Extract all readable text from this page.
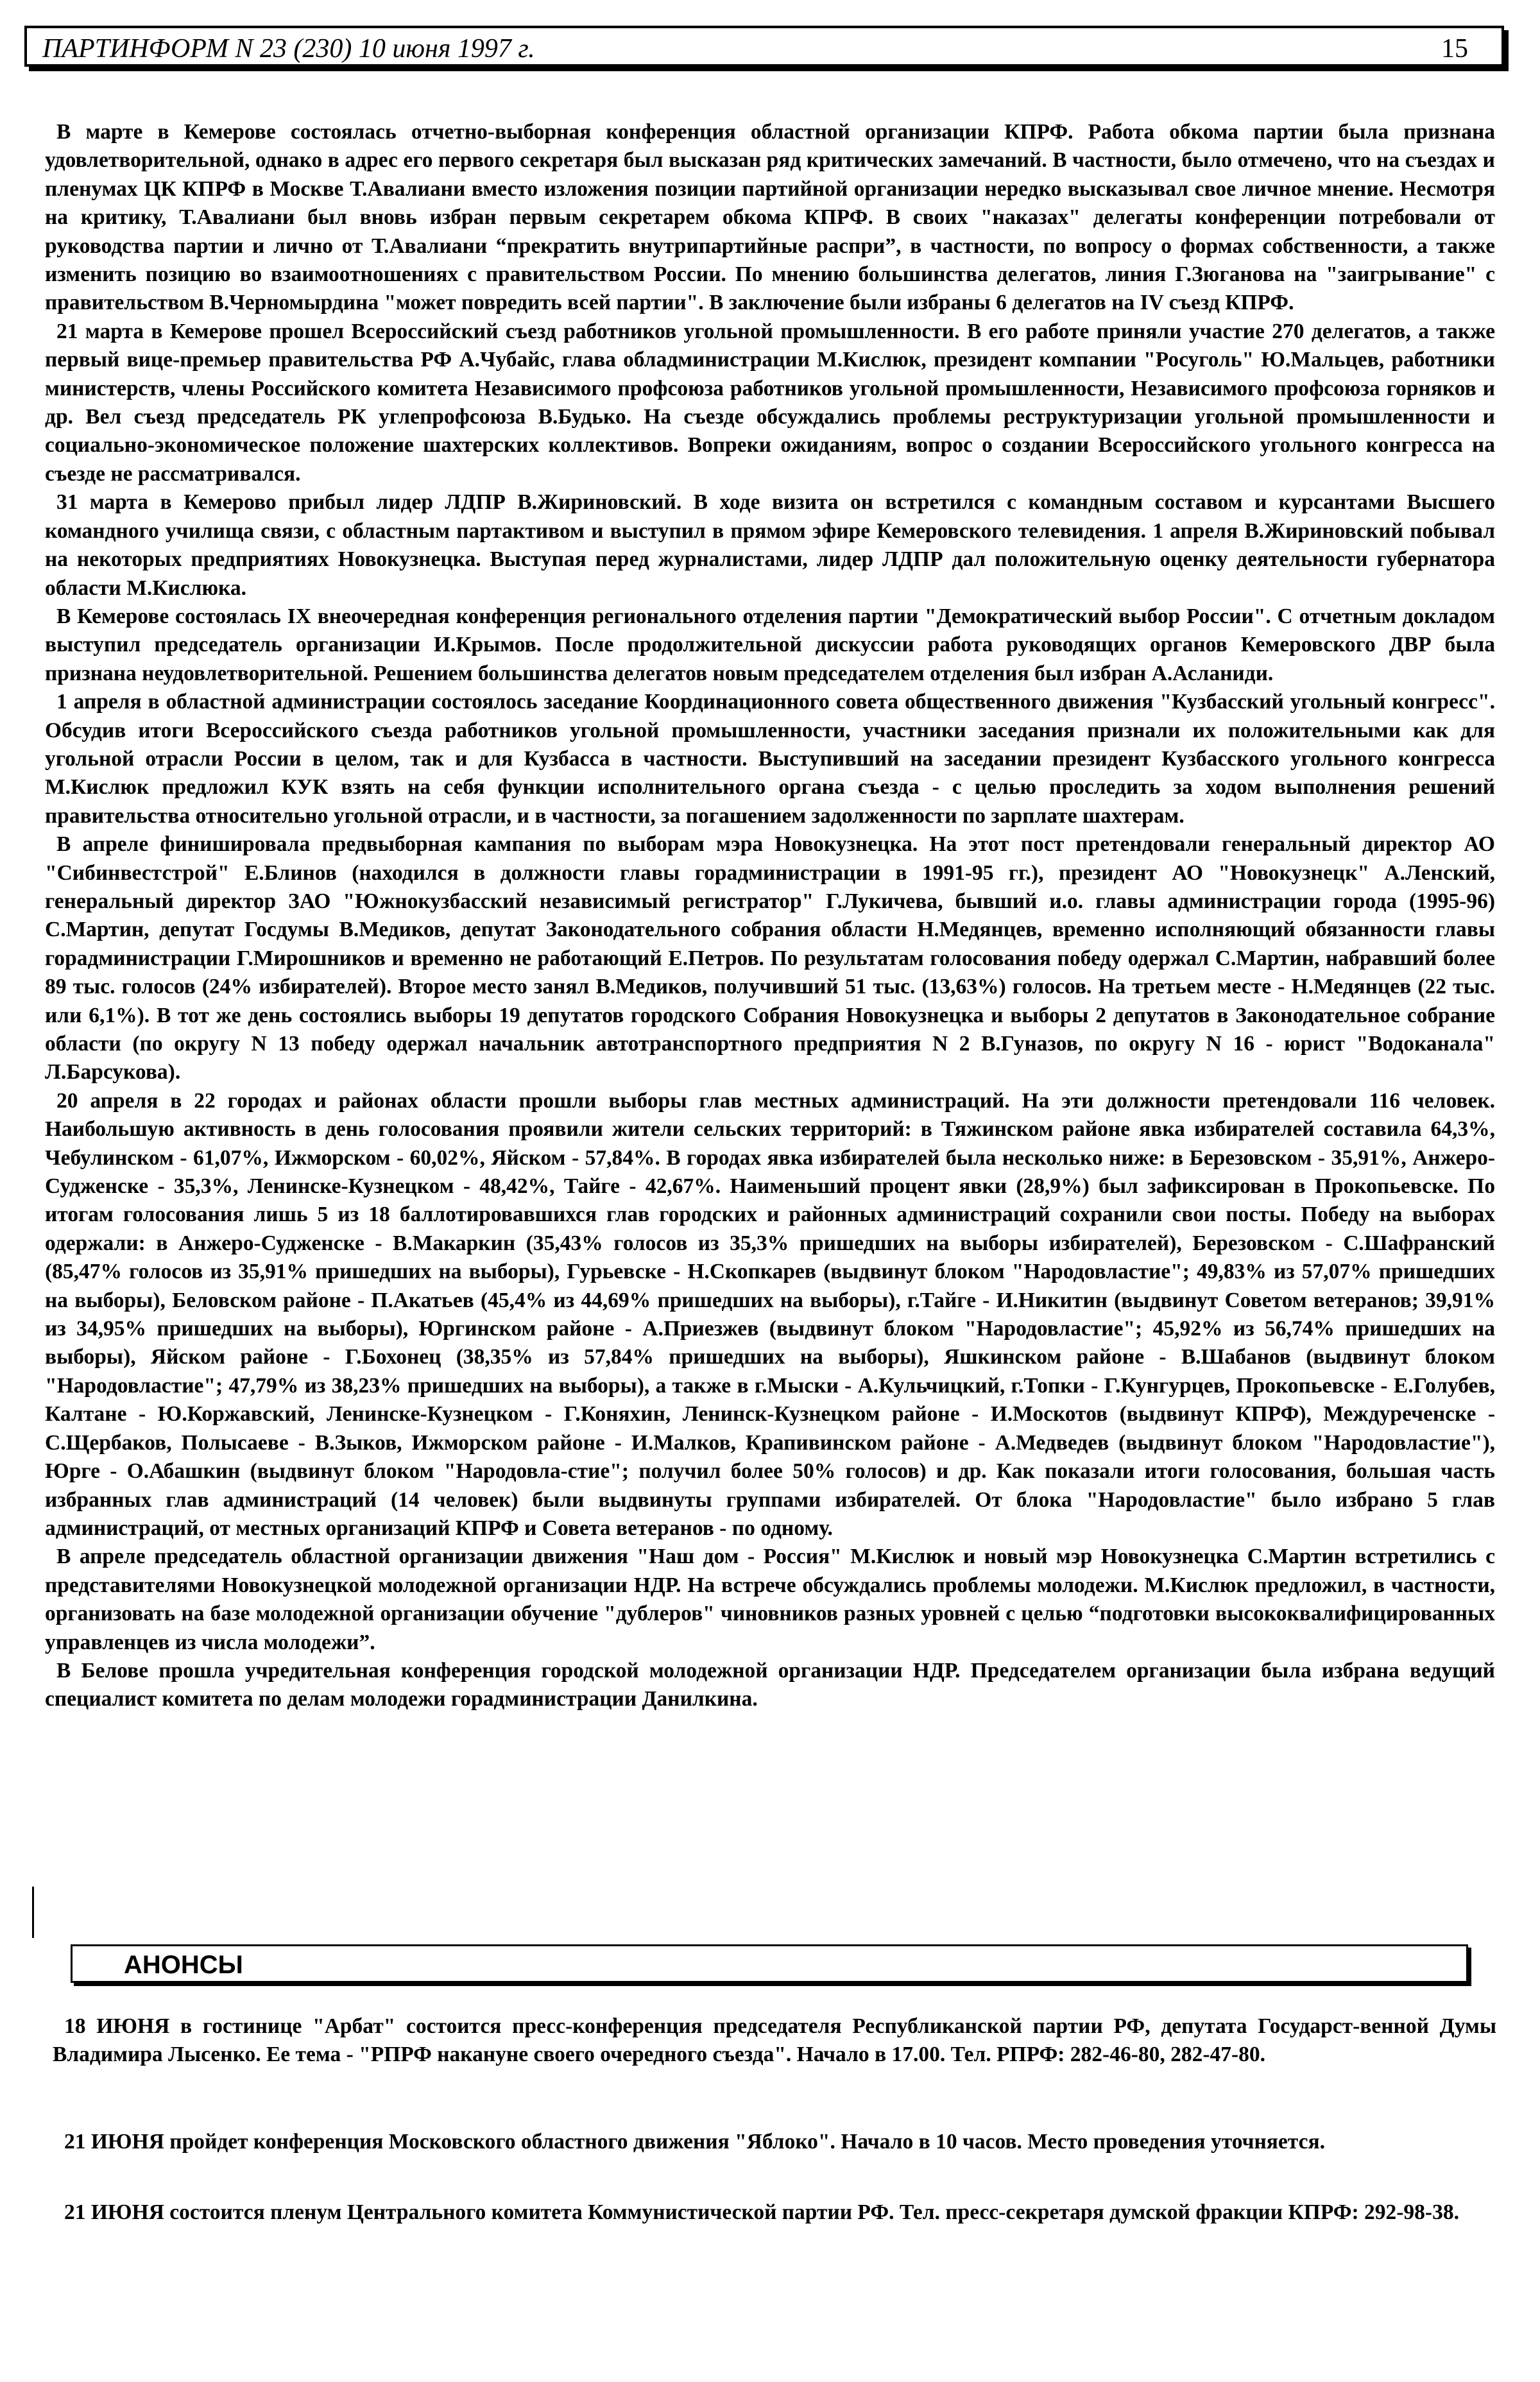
ПАРТИНФОРМ N 23 (230) 10 июня 1997 г.	15

В марте в Кемерове состоялась отчетно-выборная конференция областной организации КПРФ. Работа обкома партии была признана удовлетворительной, однако в адрес его первого секретаря был высказан ряд критических замечаний. В частности, было отмечено, что на съездах и пленумах ЦК КПРФ в Москве Т.Авалиани вместо изложения позиции партийной организации нередко высказывал свое личное мнение. Несмотря на критику, Т.Авалиани был вновь избран первым секретарем обкома КПРФ. В своих "наказах" делегаты конференции потребовали от руководства партии и лично от Т.Авалиани “прекратить внутрипартийные распри”, в частности, по вопросу о формах собственности, а также изменить позицию во взаимоотношениях с правительством России. По мнению большинства делегатов, линия Г.Зюганова на "заигрывание" с правительством В.Черномырдина "может повредить всей партии". В заключение были избраны 6 делегатов на IV съезд КПРФ.

21 марта в Кемерове прошел Всероссийский съезд работников угольной промышленности. В его работе приняли участие 270 делегатов, а также первый вице-премьер правительства РФ А.Чубайс, глава обладминистрации М.Кислюк, президент компании "Росуголь" Ю.Мальцев, работники министерств, члены Российского комитета Независимого профсоюза работников угольной промышленности, Независимого профсоюза горняков и др. Вел съезд председатель РК углепрофсоюза В.Будько. На съезде обсуждались проблемы реструктуризации угольной промышленности и социально-экономическое положение шахтерских коллективов. Вопреки ожиданиям, вопрос о создании Всероссийского угольного конгресса на съезде не рассматривался.

31 марта в Кемерово прибыл лидер ЛДПР В.Жириновский. В ходе визита он встретился с командным составом и курсантами Высшего командного училища связи, с областным партактивом и выступил в прямом эфире Кемеровского телевидения. 1 апреля В.Жириновский побывал на некоторых предприятиях Новокузнецка. Выступая перед журналистами, лидер ЛДПР дал положительную оценку деятельности губернатора области М.Кислюка.

В Кемерове состоялась IX внеочередная конференция регионального отделения партии "Демократический выбор России". С отчетным докладом выступил председатель организации И.Крымов. После продолжительной дискуссии работа руководящих органов Кемеровского ДВР была признана неудовлетворительной. Решением большинства делегатов новым председателем отделения был избран А.Асланиди.

1 апреля в областной администрации состоялось заседание Координационного совета общественного движения "Кузбасский угольный конгресс". Обсудив итоги Всероссийского съезда работников угольной промышленности, участники заседания признали их положительными как для угольной отрасли России в целом, так и для Кузбасса в частности. Выступивший на заседании президент Кузбасского угольного конгресса М.Кислюк предложил КУК взять на себя функции исполнительного органа съезда - с целью проследить за ходом выполнения решений правительства относительно угольной отрасли, и в частности, за погашением задолженности по зарплате шахтерам.

В апреле финишировала предвыборная кампания по выборам мэра Новокузнецка. На этот пост претендовали генеральный директор АО "Сибинвестстрой" Е.Блинов (находился в должности главы горадминистрации в 1991-95 гг.), президент АО "Новокузнецк" А.Ленский, генеральный директор ЗАО "Южнокузбасский независимый регистратор" Г.Лукичева, бывший и.о. главы администрации города (1995-96) С.Мартин, депутат Госдумы В.Медиков, депутат Законодательного собрания области Н.Медянцев, временно исполняющий обязанности главы горадминистрации Г.Мирошников и временно не работающий Е.Петров. По результатам голосования победу одержал С.Мартин, набравший более 89 тыс. голосов (24% избирателей). Второе место занял В.Медиков, получивший 51 тыс. (13,63%) голосов. На третьем месте - Н.Медянцев (22 тыс. или 6,1%). В тот же день состоялись выборы 19 депутатов городского Собрания Новокузнецка и выборы 2 депутатов в Законодательное собрание области (по округу N 13 победу одержал начальник автотранспортного предприятия N 2 В.Гуназов, по округу N 16 - юрист "Водоканала" Л.Барсукова).

20 апреля в 22 городах и районах области прошли выборы глав местных администраций. На эти должности претендовали 116 человек. Наибольшую активность в день голосования проявили жители сельских территорий: в Тяжинском районе явка избирателей составила 64,3%, Чебулинском - 61,07%, Ижморском - 60,02%, Яйском - 57,84%. В городах явка избирателей была несколько ниже: в Березовском - 35,91%, Анжеро-Судженске - 35,3%, Ленинске-Кузнецком - 48,42%, Тайге - 42,67%. Наименьший процент явки (28,9%) был зафиксирован в Прокопьевске. По итогам голосования лишь 5 из 18 баллотировавшихся глав городских и районных администраций сохранили свои посты. Победу на выборах одержали: в Анжеро-Судженске - В.Макаркин (35,43% голосов из 35,3% пришедших на выборы избирателей), Березовском - С.Шафранский (85,47% голосов из 35,91% пришедших на выборы), Гурьевске - Н.Скопкарев (выдвинут блоком "Народовластие"; 49,83% из 57,07% пришедших на выборы), Беловском районе - П.Акатьев (45,4% из 44,69% пришедших на выборы), г.Тайге - И.Никитин (выдвинут Советом ветеранов; 39,91% из 34,95% пришедших на выборы), Юргинском районе - А.Приезжев (выдвинут блоком "Народовластие"; 45,92% из 56,74% пришедших на выборы), Яйском районе - Г.Бохонец (38,35% из 57,84% пришедших на выборы), Яшкинском районе - В.Шабанов (выдвинут блоком "Народовластие"; 47,79% из 38,23% пришедших на выборы), а также в г.Мыски - А.Кульчицкий, г.Топки - Г.Кунгурцев, Прокопьевске - Е.Голубев, Калтане - Ю.Коржавский, Ленинске-Кузнецком - Г.Коняхин, Ленинск-Кузнецком районе - И.Москотов (выдвинут КПРФ), Междуреченске - С.Щербаков, Полысаеве - В.Зыков, Ижморском районе - И.Малков, Крапивинском районе - А.Медведев (выдвинут блоком "Народовластие"), Юрге - О.Абашкин (выдвинут блоком "Народовла-стие"; получил более 50% голосов) и др. Как показали итоги голосования, большая часть избранных глав администраций (14 человек) были выдвинуты группами избирателей. От блока "Народовластие" было избрано 5 глав администраций, от местных организаций КПРФ и Совета ветеранов - по одному.

В апреле председатель областной организации движения "Наш дом - Россия" М.Кислюк и новый мэр Новокузнецка С.Мартин встретились с представителями Новокузнецкой молодежной организации НДР. На встрече обсуждались проблемы молодежи. М.Кислюк предложил, в частности, организовать на базе молодежной организации обучение "дублеров" чиновников разных уровней с целью “подготовки высококвалифицированных управленцев из числа молодежи”.

В Белове прошла учредительная конференция городской молодежной организации НДР. Председателем организации была избрана ведущий специалист комитета по делам молодежи горадминистрации Данилкина.

АНОНСЫ

18 ИЮНЯ в гостинице "Арбат" состоится пресс-конференция председателя Республиканской партии РФ, депутата Государст-венной Думы Владимира Лысенко. Ее тема - "РПРФ накануне своего очередного съезда". Начало в 17.00. Тел. РПРФ: 282-46-80, 282-47-80.

21 ИЮНЯ пройдет конференция Московского областного движения "Яблоко". Начало в 10 часов. Место проведения уточняется.

21 ИЮНЯ состоится пленум Центрального комитета Коммунистической партии РФ. Тел. пресс-секретаря думской фракции КПРФ: 292-98-38.
